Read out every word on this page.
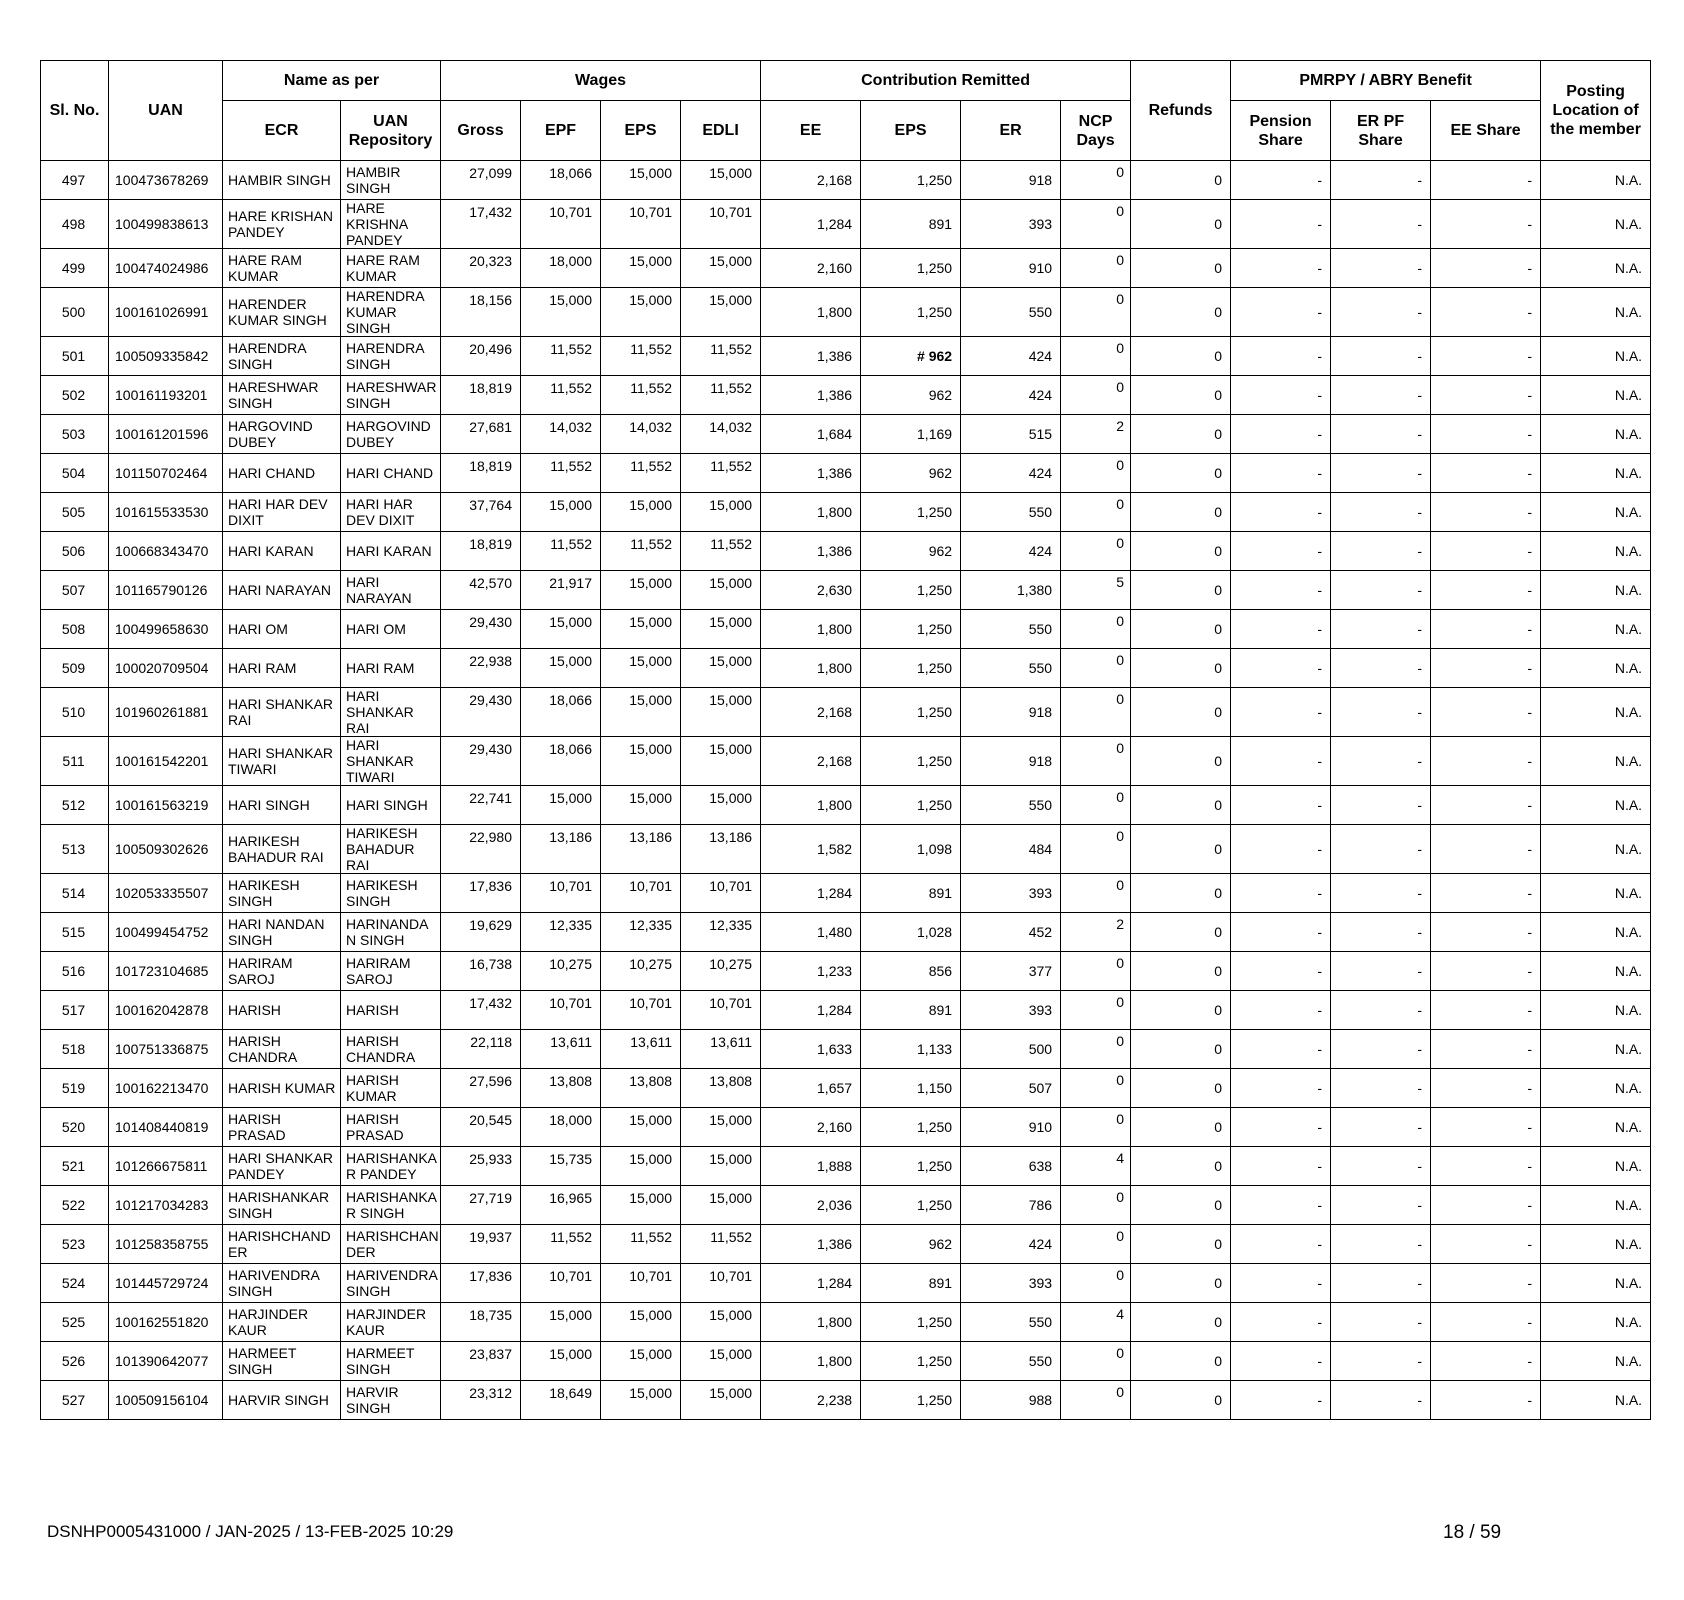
Sl. No.	UAN	Name as per		Wages				Contribution Remitted				Refunds	PMRPY / ABRY Benefit			Posting Location of the member
		ECR	UAN Repository	Gross	EPF	EPS	EDLI	EE	EPS	ER	NCP Days		Pension Share	ER PF Share	EE Share	
497	100473678269	HAMBIR SINGH	HAMBIR SINGH	27,099	18,066	15,000	15,000	2,168	1,250	918	0	0	-	-	-	N.A.
498	100499838613	HARE KRISHAN PANDEY	HARE KRISHNA PANDEY	17,432	10,701	10,701	10,701	1,284	891	393	0	0	-	-	-	N.A.
499	100474024986	HARE RAM KUMAR	HARE RAM KUMAR	20,323	18,000	15,000	15,000	2,160	1,250	910	0	0	-	-	-	N.A.
500	100161026991	HARENDER KUMAR SINGH	HARENDRA KUMAR SINGH	18,156	15,000	15,000	15,000	1,800	1,250	550	0	0	-	-	-	N.A.
501	100509335842	HARENDRA SINGH	HARENDRA SINGH	20,496	11,552	11,552	11,552	1,386	# 962	424	0	0	-	-	-	N.A.
502	100161193201	HARESHWAR SINGH	HARESHWAR SINGH	18,819	11,552	11,552	11,552	1,386	962	424	0	0	-	-	-	N.A.
503	100161201596	HARGOVIND DUBEY	HARGOVIND DUBEY	27,681	14,032	14,032	14,032	1,684	1,169	515	2	0	-	-	-	N.A.
504	101150702464	HARI CHAND	HARI CHAND	18,819	11,552	11,552	11,552	1,386	962	424	0	0	-	-	-	N.A.
505	101615533530	HARI HAR DEV DIXIT	HARI HAR DEV DIXIT	37,764	15,000	15,000	15,000	1,800	1,250	550	0	0	-	-	-	N.A.
506	100668343470	HARI KARAN	HARI KARAN	18,819	11,552	11,552	11,552	1,386	962	424	0	0	-	-	-	N.A.
507	101165790126	HARI NARAYAN	HARI NARAYAN	42,570	21,917	15,000	15,000	2,630	1,250	1,380	5	0	-	-	-	N.A.
508	100499658630	HARI OM	HARI OM	29,430	15,000	15,000	15,000	1,800	1,250	550	0	0	-	-	-	N.A.
509	100020709504	HARI RAM	HARI RAM	22,938	15,000	15,000	15,000	1,800	1,250	550	0	0	-	-	-	N.A.
510	101960261881	HARI SHANKAR RAI	HARI SHANKAR RAI	29,430	18,066	15,000	15,000	2,168	1,250	918	0	0	-	-	-	N.A.
511	100161542201	HARI SHANKAR TIWARI	HARI SHANKAR TIWARI	29,430	18,066	15,000	15,000	2,168	1,250	918	0	0	-	-	-	N.A.
512	100161563219	HARI SINGH	HARI SINGH	22,741	15,000	15,000	15,000	1,800	1,250	550	0	0	-	-	-	N.A.
513	100509302626	HARIKESH BAHADUR RAI	HARIKESH BAHADUR RAI	22,980	13,186	13,186	13,186	1,582	1,098	484	0	0	-	-	-	N.A.
514	102053335507	HARIKESH SINGH	HARIKESH SINGH	17,836	10,701	10,701	10,701	1,284	891	393	0	0	-	-	-	N.A.
515	100499454752	HARI NANDAN SINGH	HARINANDA N SINGH	19,629	12,335	12,335	12,335	1,480	1,028	452	2	0	-	-	-	N.A.
516	101723104685	HARIRAM SAROJ	HARIRAM SAROJ	16,738	10,275	10,275	10,275	1,233	856	377	0	0	-	-	-	N.A.
517	100162042878	HARISH	HARISH	17,432	10,701	10,701	10,701	1,284	891	393	0	0	-	-	-	N.A.
518	100751336875	HARISH CHANDRA	HARISH CHANDRA	22,118	13,611	13,611	13,611	1,633	1,133	500	0	0	-	-	-	N.A.
519	100162213470	HARISH KUMAR	HARISH KUMAR	27,596	13,808	13,808	13,808	1,657	1,150	507	0	0	-	-	-	N.A.
520	101408440819	HARISH PRASAD	HARISH PRASAD	20,545	18,000	15,000	15,000	2,160	1,250	910	0	0	-	-	-	N.A.
521	101266675811	HARI SHANKAR PANDEY	HARISHANKA R PANDEY	25,933	15,735	15,000	15,000	1,888	1,250	638	4	0	-	-	-	N.A.
522	101217034283	HARISHANKAR SINGH	HARISHANKA R SINGH	27,719	16,965	15,000	15,000	2,036	1,250	786	0	0	-	-	-	N.A.
523	101258358755	HARISHCHAND ER	HARISHCHAN DER	19,937	11,552	11,552	11,552	1,386	962	424	0	0	-	-	-	N.A.
524	101445729724	HARIVENDRA SINGH	HARIVENDRA SINGH	17,836	10,701	10,701	10,701	1,284	891	393	0	0	-	-	-	N.A.
525	100162551820	HARJINDER KAUR	HARJINDER KAUR	18,735	15,000	15,000	15,000	1,800	1,250	550	4	0	-	-	-	N.A.
526	101390642077	HARMEET SINGH	HARMEET SINGH	23,837	15,000	15,000	15,000	1,800	1,250	550	0	0	-	-	-	N.A.
527	100509156104	HARVIR SINGH	HARVIR SINGH	23,312	18,649	15,000	15,000	2,238	1,250	988	0	0	-	-	-	N.A.
DSNHP0005431000 / JAN-2025 / 13-FEB-2025 10:29	18 / 59
